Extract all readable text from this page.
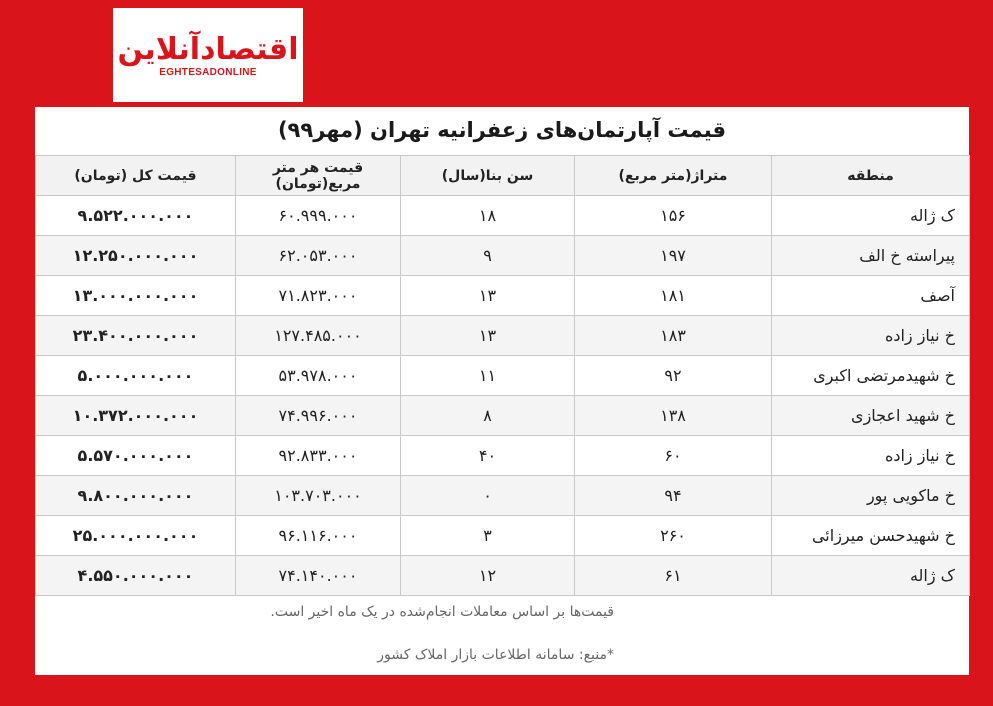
اقتصادآنلاین
EGHTESADONLINE
قیمت آپارتمان‌های زعفرانیه تهران (مهر۹۹)
منطقه	متراژ(متر مربع)	سن بنا(سال)	قیمت هر متر مربع(تومان)	قیمت کل (تومان)
ک ژاله	۱۵۶	۱۸	۶۰.۹۹۹.۰۰۰	۹.۵۲۲.۰۰۰.۰۰۰
پیراسته خ الف	۱۹۷	۹	۶۲.۰۵۳.۰۰۰	۱۲.۲۵۰.۰۰۰.۰۰۰
آصف	۱۸۱	۱۳	۷۱.۸۲۳.۰۰۰	۱۳.۰۰۰.۰۰۰.۰۰۰
خ نیاز زاده	۱۸۳	۱۳	۱۲۷.۴۸۵.۰۰۰	۲۳.۴۰۰.۰۰۰.۰۰۰
خ شهیدمرتضی اکبری	۹۲	۱۱	۵۳.۹۷۸.۰۰۰	۵.۰۰۰.۰۰۰.۰۰۰
خ شهید اعجازی	۱۳۸	۸	۷۴.۹۹۶.۰۰۰	۱۰.۳۷۲.۰۰۰.۰۰۰
خ نیاز زاده	۶۰	۴۰	۹۲.۸۳۳.۰۰۰	۵.۵۷۰.۰۰۰.۰۰۰
خ ماکویی پور	۹۴	۰	۱۰۳.۷۰۳.۰۰۰	۹.۸۰۰.۰۰۰.۰۰۰
خ شهیدحسن میرزائی	۲۶۰	۳	۹۶.۱۱۶.۰۰۰	۲۵.۰۰۰.۰۰۰.۰۰۰
ک ژاله	۶۱	۱۲	۷۴.۱۴۰.۰۰۰	۴.۵۵۰.۰۰۰.۰۰۰
قیمت‌ها بر اساس معاملات انجام‌شده در یک ماه اخیر است.
*منبع: سامانه اطلاعات بازار املاک کشور
